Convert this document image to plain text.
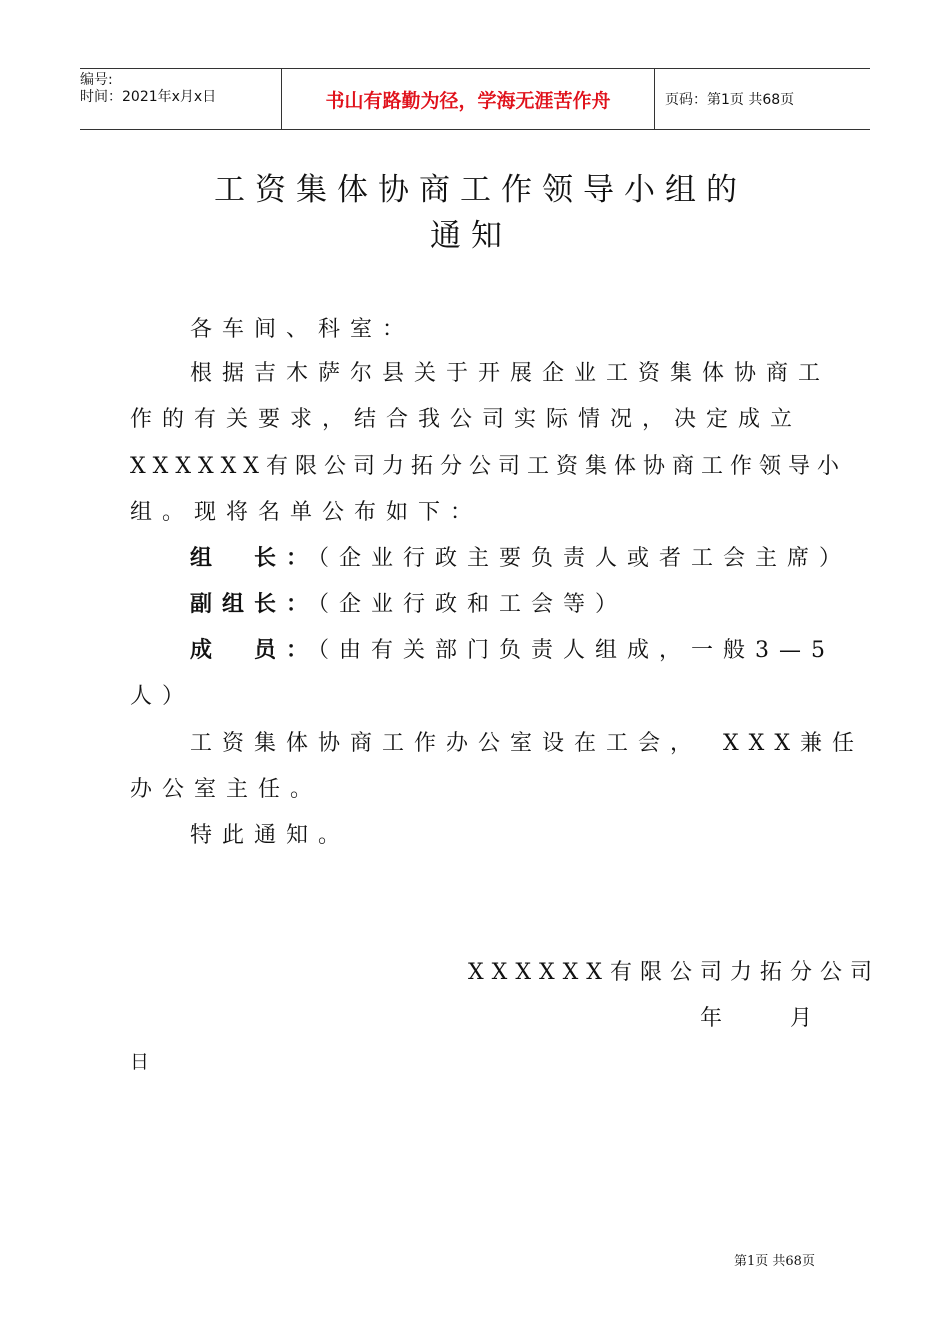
编号:
时间：2021年x月x日	书山有路勤为径，学海无涯苦作舟	页码：第1页 共68页
工资集体协商工作领导小组的
通知
各车间、科室：
根据吉木萨尔县关于开展企业工资集体协商工
作的有关要求，结合我公司实际情况，决定成立
XXXXXX有限公司力拓分公司工资集体协商工作领导小
组。现将名单公布如下：
组　长：（企业行政主要负责人或者工会主席）
副组长：（企业行政和工会等）
成　员：（由有关部门负责人组成，一般3—5
人）
工资集体协商工作办公室设在工会，　XXX兼任
办公室主任。
特此通知。
XXXXXX有限公司力拓分公司
年	月
日
第1页 共68页
